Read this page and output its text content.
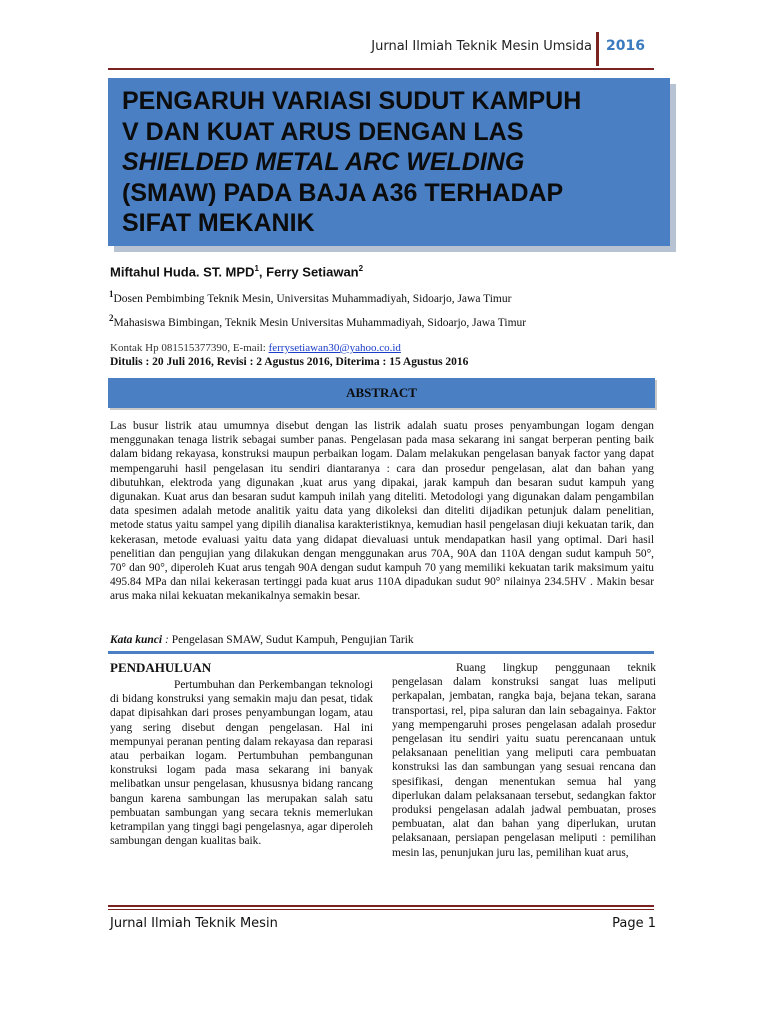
Jurnal Ilmiah Teknik Mesin Umsida 2016
PENGARUH VARIASI SUDUT KAMPUH
V DAN KUAT ARUS DENGAN LAS
SHIELDED METAL ARC WELDING
(SMAW) PADA BAJA A36 TERHADAP
SIFAT MEKANIK
Miftahul Huda. ST. MPD$^1$, Ferry Setiawan$^2$
$^1$Dosen Pembimbing Teknik Mesin, Universitas Muhammadiyah, Sidoarjo, Jawa Timur
$^2$Mahasiswa Bimbingan, Teknik Mesin Universitas Muhammadiyah, Sidoarjo, Jawa Timur
Kontak Hp 081515377390, E-mail: ferrysetiawan30@yahoo.co.id
Ditulis : 20 Juli 2016, Revisi : 2 Agustus 2016, Diterima : 15 Agustus 2016
ABSTRACT
Las busur listrik atau umumnya disebut dengan las listrik adalah suatu proses penyambungan logam dengan menggunakan tenaga listrik sebagai sumber panas. Pengelasan pada masa sekarang ini sangat berperan penting baik dalam bidang rekayasa, konstruksi maupun perbaikan logam. Dalam melakukan pengelasan banyak factor yang dapat mempengaruhi hasil pengelasan itu sendiri diantaranya : cara dan prosedur pengelasan, alat dan bahan yang dibutuhkan, elektroda yang digunakan ,kuat arus yang dipakai, jarak kampuh dan besaran sudut kampuh yang digunakan. Kuat arus dan besaran sudut kampuh inilah yang diteliti. Metodologi yang digunakan dalam pengambilan data spesimen adalah metode analitik yaitu data yang dikoleksi dan diteliti dijadikan petunjuk dalam penelitian, metode status yaitu sampel yang dipilih dianalisa karakteristiknya, kemudian hasil pengelasan diuji kekuatan tarik, dan kekerasan, metode evaluasi yaitu data yang didapat dievaluasi untuk mendapatkan hasil yang optimal. Dari hasil penelitian dan pengujian yang dilakukan dengan menggunakan arus 70A, 90A dan 110A dengan sudut kampuh 50°, 70° dan 90°, diperoleh Kuat arus tengah 90A dengan sudut kampuh 70 yang memiliki kekuatan tarik maksimum yaitu 495.84 MPa dan nilai kekerasan tertinggi pada kuat arus 110A dipadukan sudut 90° nilainya 234.5HV . Makin besar arus maka nilai kekuatan mekanikalnya semakin besar.
Kata kunci : Pengelasan SMAW, Sudut Kampuh, Pengujian Tarik
PENDAHULUAN

Pertumbuhan dan Perkembangan teknologi di bidang konstruksi yang semakin maju dan pesat, tidak dapat dipisahkan dari proses penyambungan logam, atau yang sering disebut dengan pengelasan. Hal ini mempunyai peranan penting dalam rekayasa dan reparasi atau perbaikan logam. Pertumbuhan pembangunan konstruksi logam pada masa sekarang ini banyak melibatkan unsur pengelasan, khususnya bidang rancang bangun karena sambungan las merupakan salah satu pembuatan sambungan yang secara teknis memerlukan ketrampilan yang tinggi bagi pengelasnya, agar diperoleh sambungan dengan kualitas baik.

Ruang lingkup penggunaan teknik pengelasan dalam konstruksi sangat luas meliputi perkapalan, jembatan, rangka baja, bejana tekan, sarana transportasi, rel, pipa saluran dan lain sebagainya. Faktor yang mempengaruhi proses pengelasan adalah prosedur pengelasan itu sendiri yaitu suatu perencanaan untuk pelaksanaan penelitian yang meliputi cara pembuatan konstruksi las dan sambungan yang sesuai rencana dan spesifikasi, dengan menentukan semua hal yang diperlukan dalam pelaksanaan tersebut, sedangkan faktor produksi pengelasan adalah jadwal pembuatan, proses pembuatan, alat dan bahan yang diperlukan, urutan pelaksanaan, persiapan pengelasan meliputi : pemilihan mesin las, penunjukan juru las, pemilihan kuat arus,

Jurnal Ilmiah Teknik Mesin	Page 1
